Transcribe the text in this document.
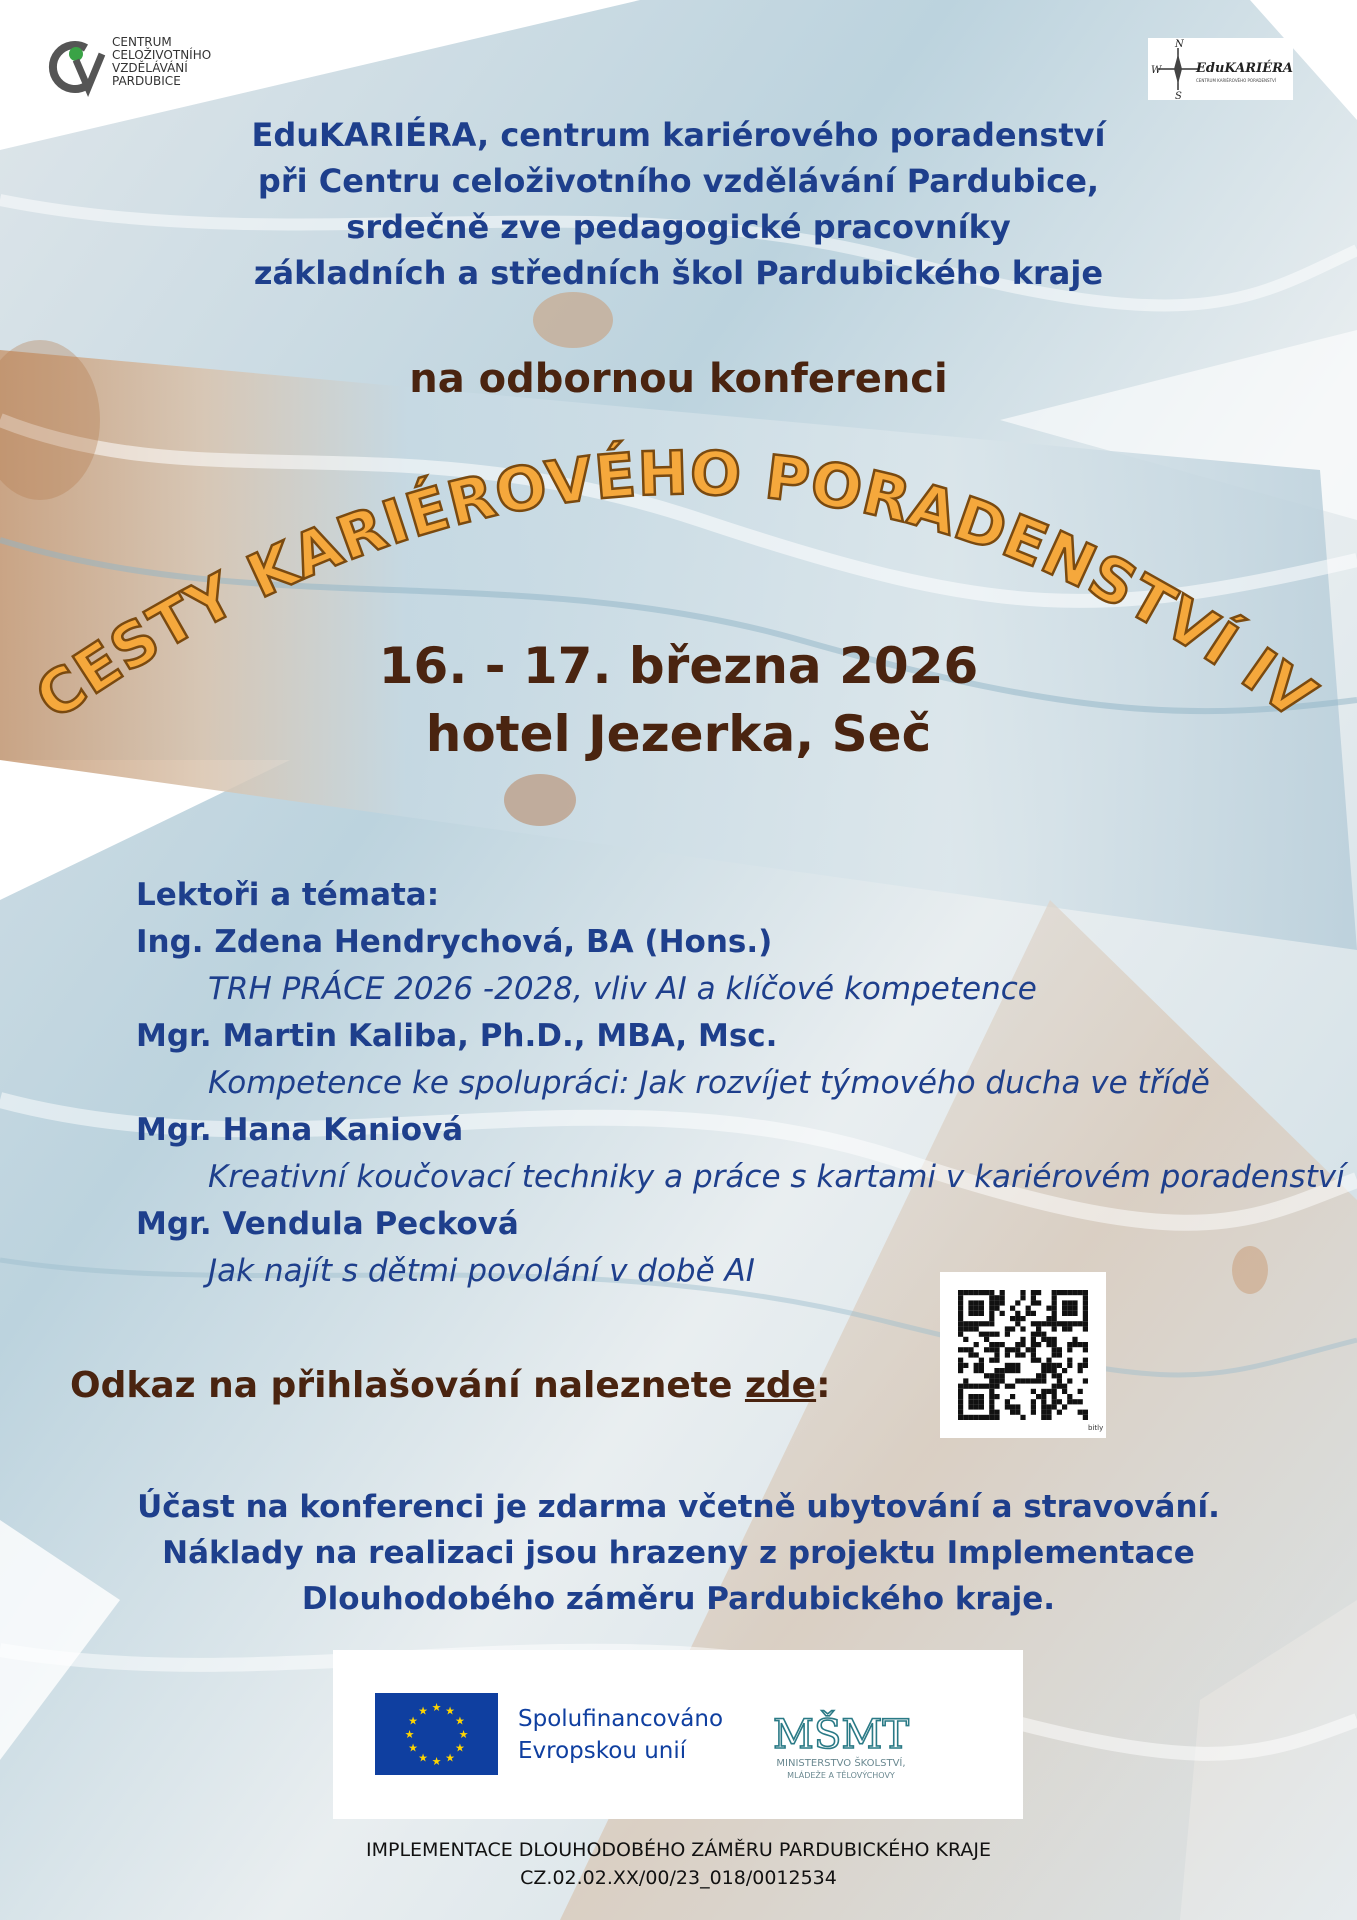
CENTRUM
CELOŽIVOTNÍHO
VZDĚLÁVÁNÍ
PARDUBICE
N
W
S
EduKARIÉRA
CENTRUM KARIÉROVÉHO PORADENSTVÍ
EduKARIÉRA, centrum kariérového poradenství
při Centru celoživotního vzdělávání Pardubice,
srdečně zve pedagogické pracovníky
základních a středních škol Pardubického kraje
na odbornou konferenci
CESTY KARIÉROVÉHO PORADENSTVÍ IV
16. - 17. března 2026
hotel Jezerka, Seč
Lektoři a témata:
Ing. Zdena Hendrychová, BA (Hons.)
TRH PRÁCE 2026 -2028, vliv AI a klíčové kompetence
Mgr. Martin Kaliba, Ph.D., MBA, Msc.
Kompetence ke spolupráci: Jak rozvíjet týmového ducha ve třídě
Mgr. Hana Kaniová
Kreativní koučovací techniky a práce s kartami v kariérovém poradenství
Mgr. Vendula Pecková
Jak najít s dětmi povolání v době AI
Odkaz na přihlašování naleznete zde:
bitly
Účast na konferenci je zdarma včetně ubytování a stravování.
Náklady na realizaci jsou hrazeny z projektu Implementace
Dlouhodobého záměru Pardubického kraje.
★
★
★
★
★
★
★
★
★ ★ ★
★ Spolufinancováno
Evropskou unií MŠMT
MINISTERSTVO ŠKOLSTVÍ,
MLÁDEŽE A TĚLOVÝCHOVY
IMPLEMENTACE DLOUHODOBÉHO ZÁMĚRU PARDUBICKÉHO KRAJE
CZ.02.02.XX/00/23_018/0012534
